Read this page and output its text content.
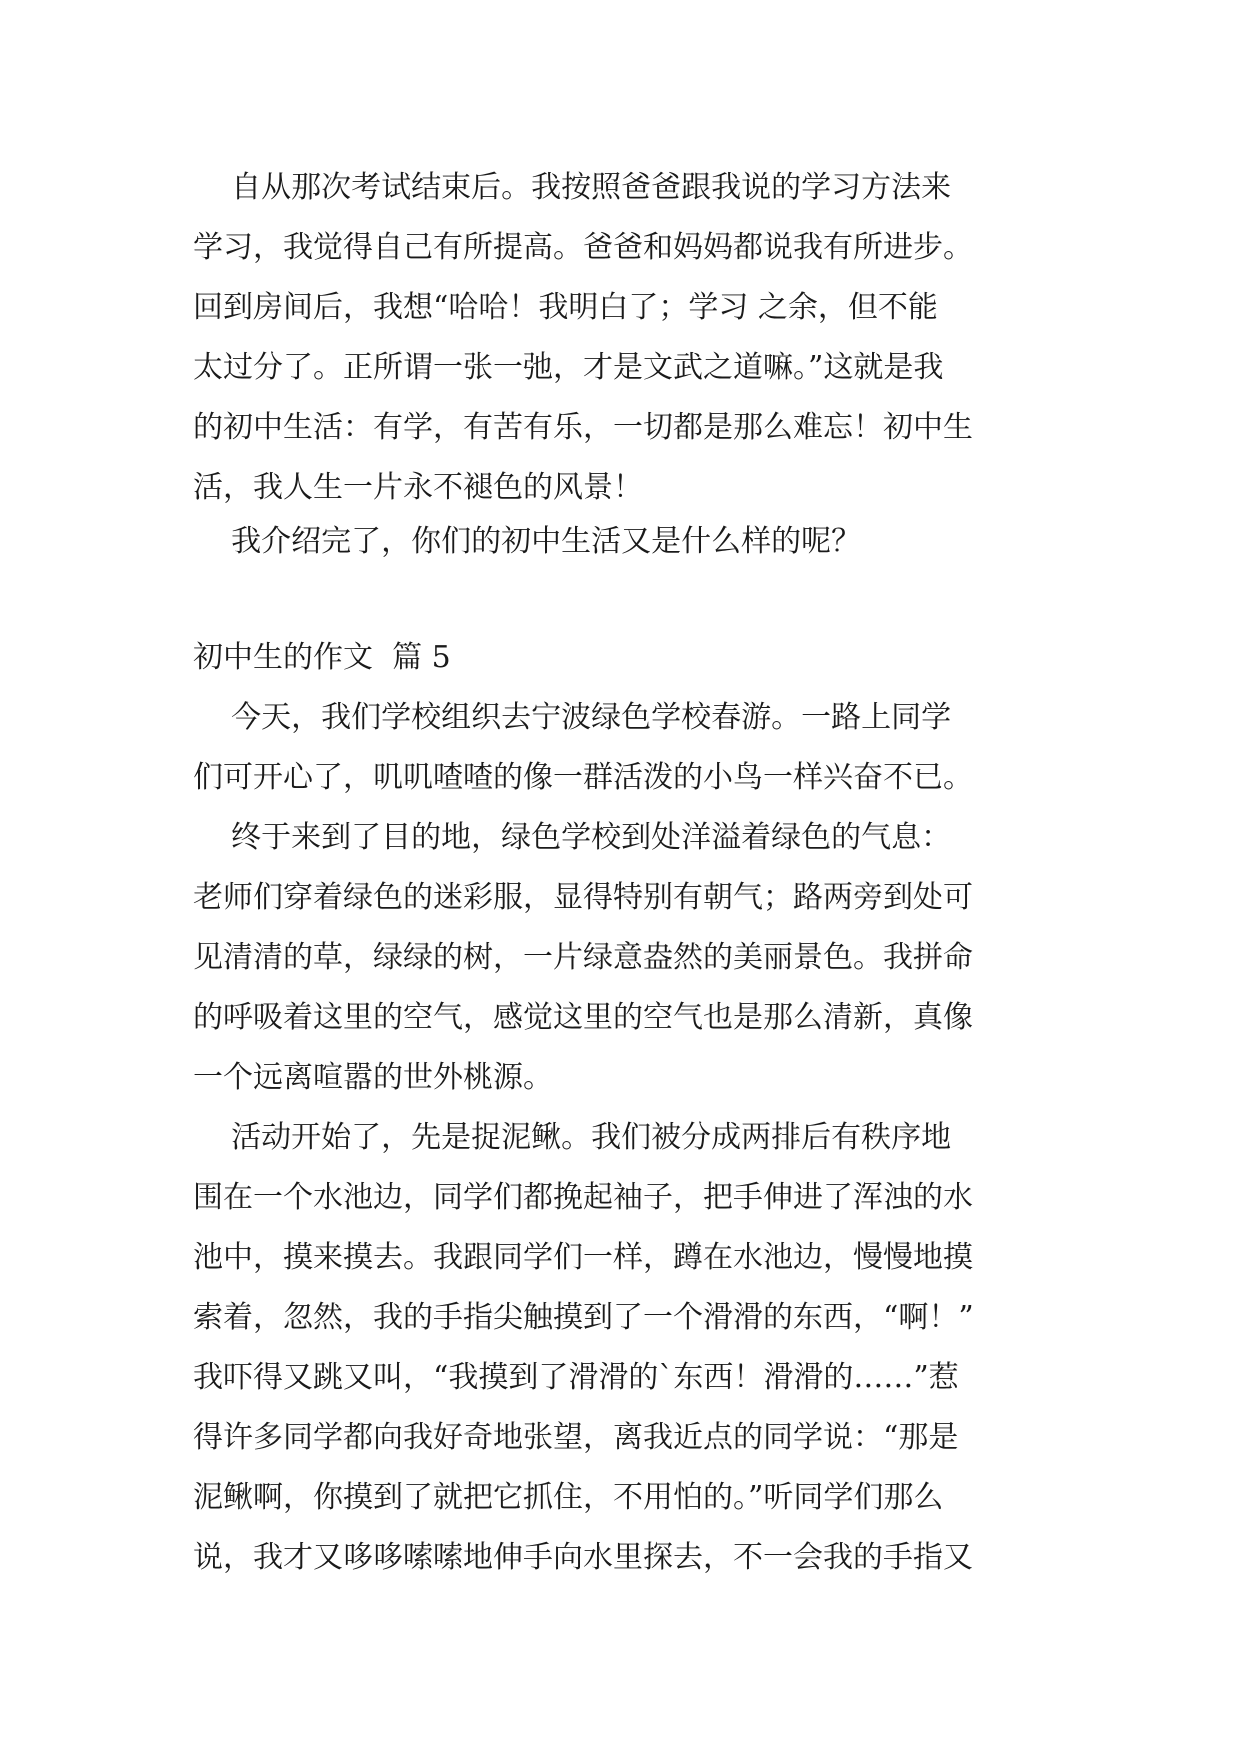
自从那次考试结束后。我按照爸爸跟我说的学习方法来
学习，我觉得自己有所提高。爸爸和妈妈都说我有所进步。
回到房间后，我想“哈哈！我明白了；学习 之余，但不能
太过分了。正所谓一张一弛，才是文武之道嘛。”这就是我
的初中生活：有学，有苦有乐，一切都是那么难忘！初中生
活，我人生一片永不褪色的风景！
我介绍完了，你们的初中生活又是什么样的呢？
初中生的作文  篇 5
今天，我们学校组织去宁波绿色学校春游。一路上同学
们可开心了，叽叽喳喳的像一群活泼的小鸟一样兴奋不已。
终于来到了目的地，绿色学校到处洋溢着绿色的气息：
老师们穿着绿色的迷彩服，显得特别有朝气；路两旁到处可
见清清的草，绿绿的树，一片绿意盎然的美丽景色。我拼命
的呼吸着这里的空气，感觉这里的空气也是那么清新，真像
一个远离喧嚣的世外桃源。
活动开始了，先是捉泥鳅。我们被分成两排后有秩序地
围在一个水池边，同学们都挽起袖子，把手伸进了浑浊的水
池中，摸来摸去。我跟同学们一样，蹲在水池边，慢慢地摸
索着，忽然，我的手指尖触摸到了一个滑滑的东西，“啊！”
我吓得又跳又叫，“我摸到了滑滑的`东西！滑滑的……”惹
得许多同学都向我好奇地张望，离我近点的同学说：“那是
泥鳅啊，你摸到了就把它抓住，不用怕的。”听同学们那么
说，我才又哆哆嗦嗦地伸手向水里探去，不一会我的手指又
